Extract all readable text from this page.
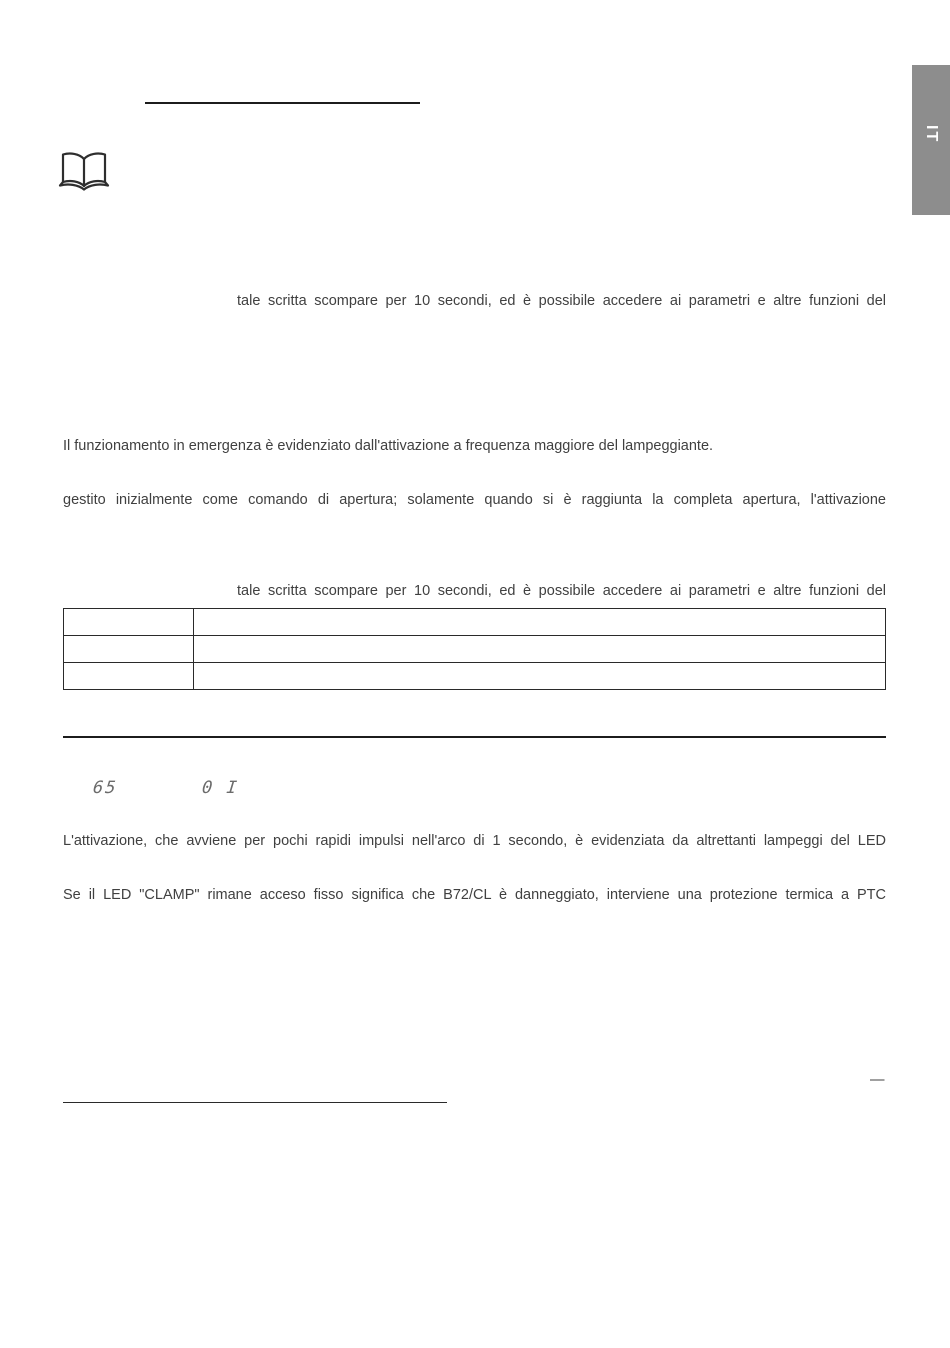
IT

tale scritta scompare per 10 secondi, ed è possibile accedere ai parametri e altre funzioni del

Il funzionamento in emergenza è evidenziato dall'attivazione a frequenza maggiore del lampeggiante.

gestito inizialmente come comando di apertura; solamente quando si è raggiunta la completa apertura, l'attivazione

tale scritta scompare per 10 secondi, ed è possibile accedere ai parametri e altre funzioni del

65	0 I

L'attivazione, che avviene per pochi rapidi impulsi nell'arco di 1 secondo, è evidenziata da altrettanti lampeggi del LED

Se il LED "CLAMP" rimane acceso fisso significa che B72/CL è danneggiato, interviene una protezione termica a PTC

—
